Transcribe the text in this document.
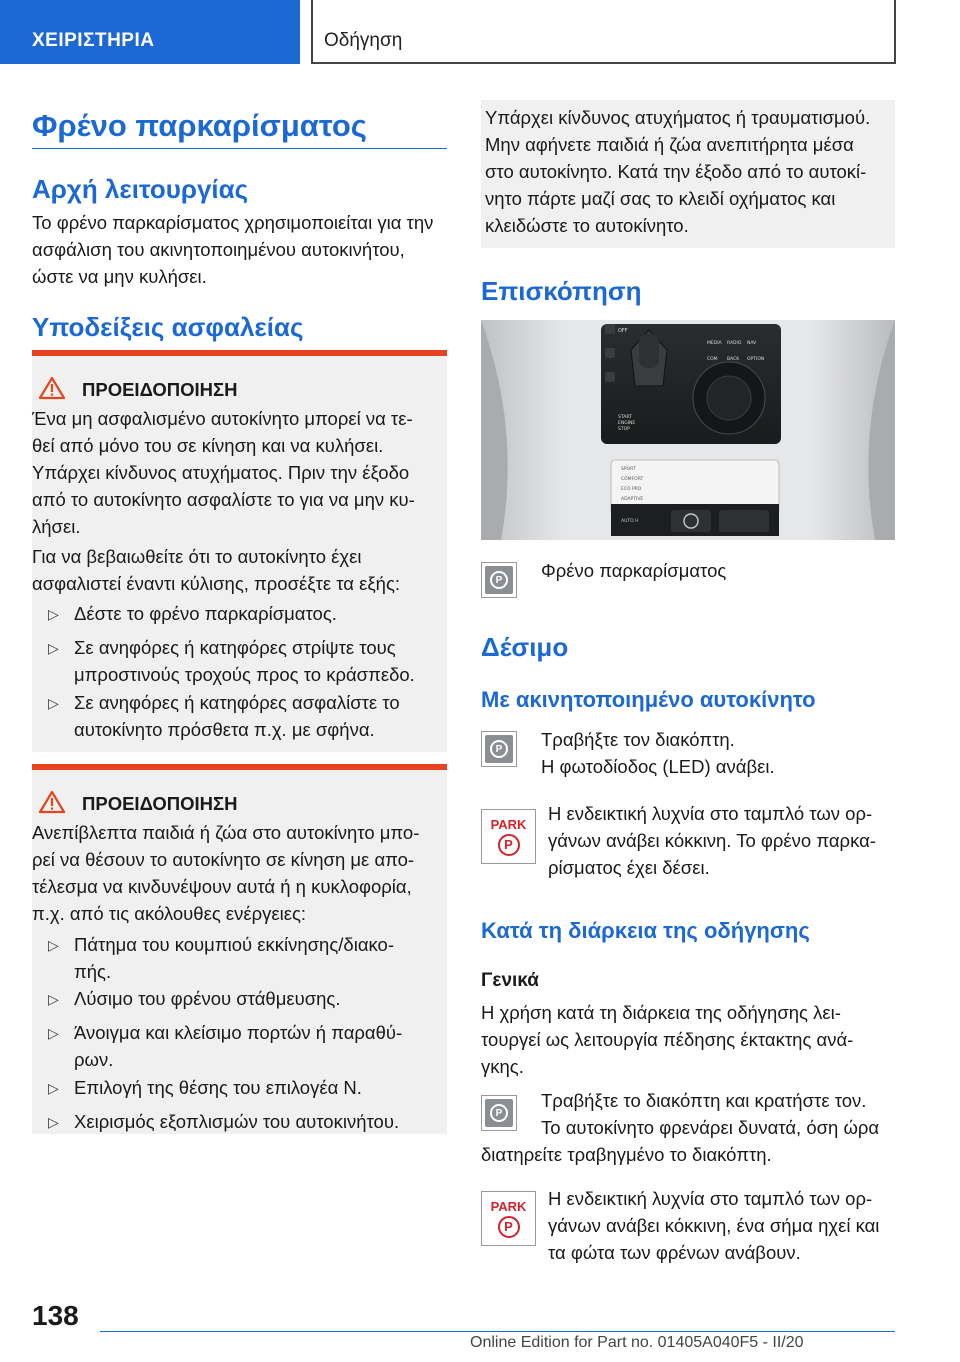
ΧΕΙΡΙΣΤΗΡΙΑ	Οδήγηση
Φρένο παρκαρίσματος
Αρχή λειτουργίας
Το φρένο παρκαρίσματος χρησιμοποιείται για την
ασφάλιση του ακινητοποιημένου αυτοκινήτου,
ώστε να μην κυλήσει.
Υποδείξεις ασφαλείας
ΠΡΟΕΙΔΟΠΟΙΗΣΗ
Ένα μη ασφαλισμένο αυτοκίνητο μπορεί να τε-
θεί από μόνο του σε κίνηση και να κυλήσει.
Υπάρχει κίνδυνος ατυχήματος. Πριν την έξοδο
από το αυτοκίνητο ασφαλίστε το για να μην κυ-
λήσει.
Για να βεβαιωθείτε ότι το αυτοκίνητο έχει
ασφαλιστεί έναντι κύλισης, προσέξτε τα εξής:
▷ Δέστε το φρένο παρκαρίσματος.
▷ Σε ανηφόρες ή κατηφόρες στρίψτε τους
μπροστινούς τροχούς προς το κράσπεδο.
▷ Σε ανηφόρες ή κατηφόρες ασφαλίστε το
αυτοκίνητο πρόσθετα π.χ. με σφήνα.
ΠΡΟΕΙΔΟΠΟΙΗΣΗ
Ανεπίβλεπτα παιδιά ή ζώα στο αυτοκίνητο μπο-
ρεί να θέσουν το αυτοκίνητο σε κίνηση με απο-
τέλεσμα να κινδυνέψουν αυτά ή η κυκλοφορία,
π.χ. από τις ακόλουθες ενέργειες:
▷ Πάτημα του κουμπιού εκκίνησης/διακο-
πής.
▷ Λύσιμο του φρένου στάθμευσης.
▷ Άνοιγμα και κλείσιμο πορτών ή παραθύ-
ρων.
▷ Επιλογή της θέσης του επιλογέα N.
▷ Χειρισμός εξοπλισμών του αυτοκινήτου.
Υπάρχει κίνδυνος ατυχήματος ή τραυματισμού.
Μην αφήνετε παιδιά ή ζώα ανεπιτήρητα μέσα
στο αυτοκίνητο. Κατά την έξοδο από το αυτοκί-
νητο πάρτε μαζί σας το κλειδί οχήματος και
κλειδώστε το αυτοκίνητο.
Επισκόπηση
OFF
MEDIA RADIO NAV
COM BACK OPTION
START
ENGINE
STOP
SPORT
COMFORT
ECO PRO
ADAPTIVE
AUTO H
P	Φρένο παρκαρίσματος
Δέσιμο
Με ακινητοποιημένο αυτοκίνητο
P	Τραβήξτε τον διακόπτη.
Η φωτοδίοδος (LED) ανάβει.
PARK
P
Η ενδεικτική λυχνία στο ταμπλό των ορ-
γάνων ανάβει κόκκινη. Το φρένο παρκα-
ρίσματος έχει δέσει.
Κατά τη διάρκεια της οδήγησης
Γενικά
Η χρήση κατά τη διάρκεια της οδήγησης λει-
τουργεί ως λειτουργία πέδησης έκτακτης ανά-
γκης.
P
Τραβήξτε το διακόπτη και κρατήστε τον.
Το αυτοκίνητο φρενάρει δυνατά, όση ώρα
διατηρείτε τραβηγμένο το διακόπτη.
PARK
P
Η ενδεικτική λυχνία στο ταμπλό των ορ-
γάνων ανάβει κόκκινη, ένα σήμα ηχεί και
τα φώτα των φρένων ανάβουν.
138
Online Edition for Part no. 01405A040F5 - II/20
